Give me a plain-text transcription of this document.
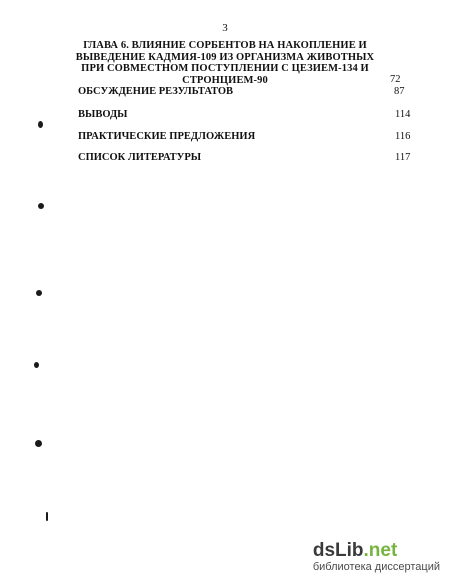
3
ГЛАВА 6. ВЛИЯНИЕ СОРБЕНТОВ НА НАКОПЛЕНИЕ И
ВЫВЕДЕНИЕ КАДМИЯ-109 ИЗ ОРГАНИЗМА ЖИВОТНЫХ
ПРИ СОВМЕСТНОМ ПОСТУПЛЕНИИ С ЦЕЗИЕМ-134 И
СТРОНЦИЕМ-90	72
ОБСУЖДЕНИЕ РЕЗУЛЬТАТОВ	87
ВЫВОДЫ	114
ПРАКТИЧЕСКИЕ ПРЕДЛОЖЕНИЯ	116
СПИСОК ЛИТЕРАТУРЫ	117
dsLib.net
библиотека диссертаций
